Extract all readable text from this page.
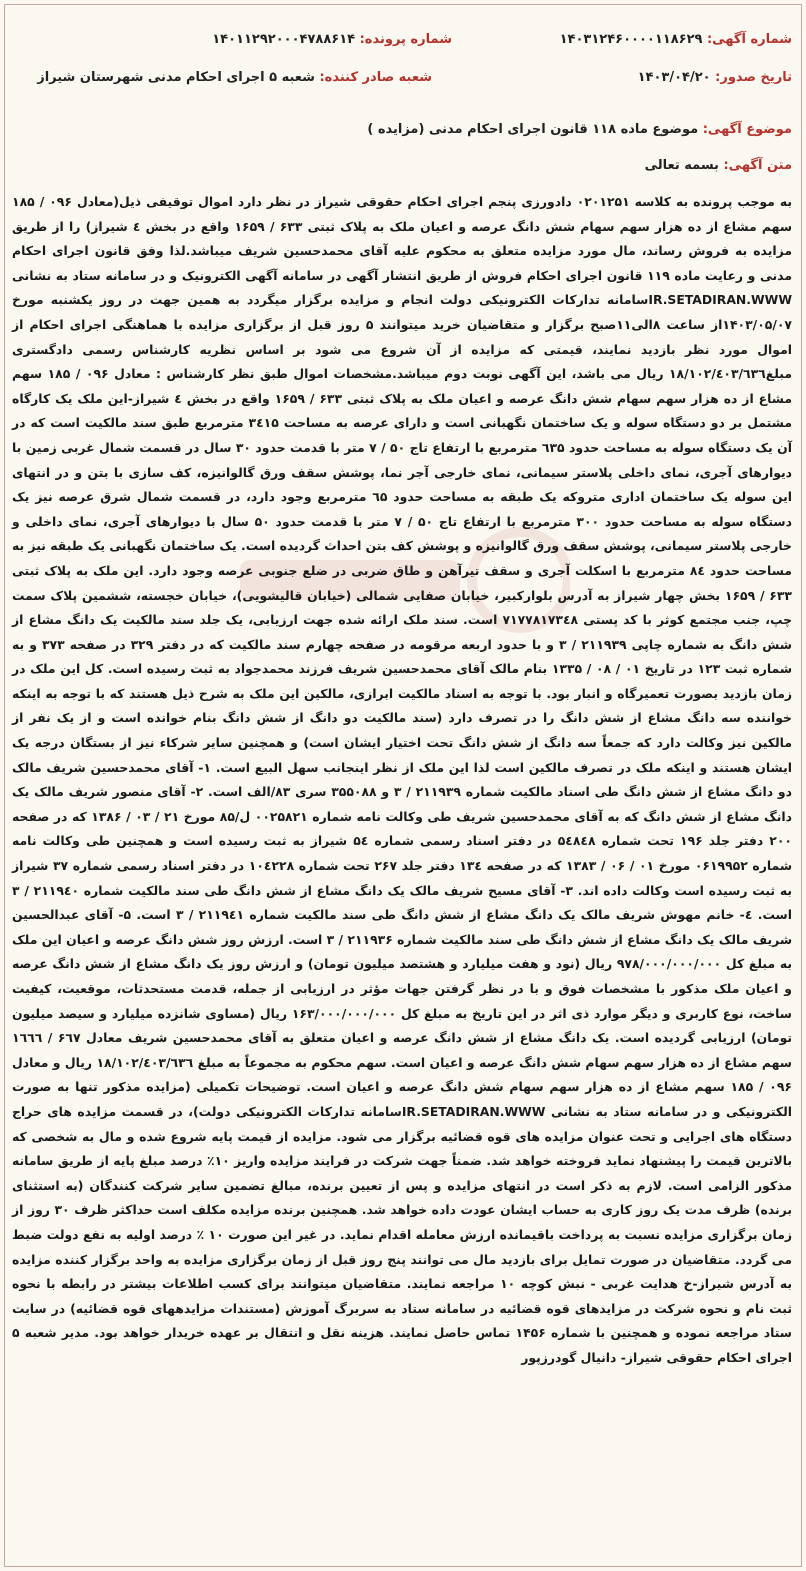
شماره آگهی: ۱۴۰۳۱۲۴۶۰۰۰۰۱۱۸۶۲۹
شماره پرونده: ۱۴۰۱۱۲۹۲۰۰۰۴۷۸۸۶۱۴
تاریخ صدور: ۱۴۰۳/۰۴/۲۰
شعبه صادر کننده: شعبه ۵ اجرای احکام مدنی شهرستان شیراز
موضوع آگهی: موضوع ماده ۱۱۸ قانون اجرای احکام مدنی (مزایده )
متن آگهی: بسمه تعالی
به موجب پرونده به کلاسه ۰۲۰۱۲۵۱ دادورزی پنجم اجرای احکام حقوقی شیراز در نظر دارد اموال توقیفی ذیل(معادل ۰۹۶ / ۱۸۵ سهم مشاع از ده هزار سهم سهام شش دانگ عرصه و اعیان ملک به پلاک ثبتی ۶۳۳ / ۱۶۵۹ واقع در بخش ٤ شیراز) را از طریق مزایده به فروش رساند، مال مورد مزایده متعلق به محکوم علیه آقای محمدحسین شریف میباشد.لذا وفق قانون اجرای احکام مدنی و رعایت ماده ۱۱۹ قانون اجرای احکام فروش از طریق انتشار آگهی در سامانه آگهی الکترونیک و در سامانه ستاد به نشانی IR.SETADIRAN.WWWسامانه تدارکات الکترونیکی دولت انجام و مزایده برگزار میگردد به همین جهت در روز یکشنبه مورخ ۱۴۰۳/۰۵/۰۷از ساعت ۸الی۱۱صبح برگزار و متقاضیان خرید میتوانند ۵ روز قبل از برگزاری مزایده با هماهنگی اجرای احکام از اموال مورد نظر بازدید نمایند، قیمتی که مزایده از آن شروع می شود بر اساس نظریه کارشناس رسمی دادگستری مبلغ۱۸/۱۰۲/٤۰۳/٦۳٦ ریال می باشد، این آگهی نوبت دوم میباشد.مشخصات اموال طبق نظر کارشناس : معادل ۰۹۶ / ۱۸۵ سهم مشاع از ده هزار سهم سهام شش دانگ عرصه و اعیان ملک به پلاک ثبتی ۶۳۳ / ۱۶۵۹ واقع در بخش ٤ شیراز-این ملک یک کارگاه مشتمل بر دو دستگاه سوله و یک ساختمان نگهبانی است و دارای عرصه به مساحت ۳٤۱۵ مترمربع طبق سند مالکیت است که در آن یک دستگاه سوله به مساحت حدود ٦۳۵ مترمربع با ارتفاع تاج ۵۰ / ۷ متر با قدمت حدود ۳۰ سال در قسمت شمال غربی زمین با دیوارهای آجری، نمای داخلی پلاستر سیمانی، نمای خارجی آجر نما، پوشش سقف ورق گالوانیزه، کف سازی با بتن و در انتهای این سوله یک ساختمان اداری متروکه یک طبقه به مساحت حدود ٦۵ مترمربع وجود دارد، در قسمت شمال شرق عرصه نیز یک دستگاه سوله به مساحت حدود ۳۰۰ مترمربع با ارتفاع تاج ۵۰ / ۷ متر با قدمت حدود ۵۰ سال با دیوارهای آجری، نمای داخلی و خارجی پلاستر سیمانی، پوشش سقف ورق گالوانیزه و پوشش کف بتن احداث گردیده است. یک ساختمان نگهبانی یک طبقه نیز به مساحت حدود ۸٤ مترمربع با اسکلت آجری و سقف تیرآهن و طاق ضربی در ضلع جنوبی عرصه وجود دارد. این ملک به پلاک ثبتی ۶۳۳ / ۱۶۵۹ بخش چهار شیراز به آدرس بلوارکبیر، خیابان صفایی شمالی (خیابان قالیشویی)، خیابان خجسته، ششمین پلاک سمت چپ، جنب مجتمع کوثر با کد پستی ۷۱۷۷۸۱۷۳٤۸ است. سند ملک ارائه شده جهت ارزیابی، یک جلد سند مالکیت یک دانگ مشاع از شش دانگ به شماره چاپی ۲۱۱۹۳۹ / ۳ و با حدود اربعه مرقومه در صفحه چهارم سند مالکیت که در دفتر ۳۲۹ در صفحه ۳۷۳ و به شماره ثبت ۱۲۳ در تاریخ ۰۱ / ۰۸ / ۱۳۳۵ بنام مالک آقای محمدحسین شریف فرزند محمدجواد به ثبت رسیده است. کل این ملک در زمان بازدید بصورت تعمیرگاه و انبار بود. با توجه به اسناد مالکیت ابرازی، مالکین این ملک به شرح ذیل هستند که با توجه به اینکه خواننده سه دانگ مشاع از شش دانگ را در تصرف دارد (سند مالکیت دو دانگ از شش دانگ بنام خوانده است و از یک نفر از مالکین نیز وکالت دارد که جمعاً سه دانگ از شش دانگ تحت اختیار ایشان است) و همچنین سایر شرکاء نیز از بستگان درجه یک ایشان هستند و اینکه ملک در تصرف مالکین است لذا این ملک از نظر اینجانب سهل البیع است. ۱- آقای محمدحسین شریف مالک دو دانگ مشاع از شش دانگ طی اسناد مالکیت شماره ۲۱۱۹۳۹ / ۳ و ۳۵۵۰۸۸ سری ۸۳/الف است. ۲- آقای منصور شریف مالک یک دانگ مشاع از شش دانگ که به آقای محمدحسین شریف طی وکالت نامه شماره ۰۰۲۵۸۲۱ ل/۸۵ مورخ ۲۱ / ۰۳ / ۱۳۸۶ که در صفحه ۲۰۰ دفتر جلد ۱۹۶ تحت شماره ۵٤۸٤۸ در دفتر اسناد رسمی شماره ۵٤ شیراز به ثبت رسیده است و همچنین طی وکالت نامه شماره ۰۶۱۹۹۵۲ مورخ ۰۱ / ۰۶ / ۱۳۸۳ که در صفحه ۱۳٤ دفتر جلد ۲۶۷ تحت شماره ۱۰٤۲۲۸ در دفتر اسناد رسمی شماره ۳۷ شیراز به ثبت رسیده است وکالت داده اند. ۳- آقای مسیح شریف مالک یک دانگ مشاع از شش دانگ طی سند مالکیت شماره ۲۱۱۹٤۰ / ۳ است. ٤- خانم مهوش شریف مالک یک دانگ مشاع از شش دانگ طی سند مالکیت شماره ۲۱۱۹٤۱ / ۳ است. ۵- آقای عبدالحسین شریف مالک یک دانگ مشاع از شش دانگ طی سند مالکیت شماره ۲۱۱۹۳۶ / ۳ است. ارزش روز شش دانگ عرصه و اعیان این ملک به مبلغ کل ۹۷۸/۰۰۰/۰۰۰/۰۰۰ ریال (نود و هفت میلیارد و هشتصد میلیون تومان) و ارزش روز یک دانگ مشاع از شش دانگ عرصه و اعیان ملک مذکور با مشخصات فوق و با در نظر گرفتن جهات مؤثر در ارزیابی از جمله، قدمت مستحدثات، موقعیت، کیفیت ساخت، نوع کاربری و دیگر موارد ذی اثر در این تاریخ به مبلغ کل ۱۶۳/۰۰۰/۰۰۰/۰۰۰ ریال (مساوی شانزده میلیارد و سیصد میلیون تومان) ارزیابی گردیده است. یک دانگ مشاع از شش دانگ عرصه و اعیان متعلق به آقای محمدحسین شریف معادل ۶٦۷ / ۱٦٦٦ سهم مشاع از ده هزار سهم سهام شش دانگ عرصه و اعیان است. سهم محکوم به مجموعاً به مبلغ ۱۸/۱۰۲/٤۰۳/٦۳٦ ریال و معادل ۰۹۶ / ۱۸۵ سهم مشاع از ده هزار سهم سهام شش دانگ عرصه و اعیان است. توضیحات تکمیلی (مزایده مذکور تنها به صورت الکترونیکی و در سامانه ستاد به نشانی IR.SETADIRAN.WWWسامانه تدارکات الکترونیکی دولت)، در قسمت مزایده های حراج دستگاه های اجرایی و تحت عنوان مزایده های قوه قضائیه برگزار می شود. مزایده از قیمت پایه شروع شده و مال به شخصی که بالاترین قیمت را پیشنهاد نماید فروخته خواهد شد. ضمناً جهت شرکت در فرایند مزایده واریز ۱۰٪ درصد مبلغ پایه از طریق سامانه مذکور الزامی است. لازم به ذکر است در انتهای مزایده و پس از تعیین برنده، مبالغ تضمین سایر شرکت کنندگان (به استثنای برنده) ظرف مدت یک روز کاری به حساب ایشان عودت داده خواهد شد. همچنین برنده مزایده مکلف است حداکثر ظرف ۳۰ روز از زمان برگزاری مزایده نسبت به پرداخت باقیمانده ارزش معامله اقدام نماید. در غیر این صورت ۱۰ ٪ درصد اولیه به نفع دولت ضبط می گردد. متقاضیان در صورت تمایل برای بازدید مال می توانند پنج روز قبل از زمان برگزاری مزایده به واحد برگزار کننده مزایده به آدرس شیراز-خ هدایت غربی - نبش کوچه ۱۰ مراجعه نمایند. متقاضیان میتوانند برای کسب اطلاعات بیشتر در رابطه با نحوه ثبت نام و نحوه شرکت در مزایدهای قوه قضائیه در سامانه ستاد به سربرگ آموزش (مستندات مزایدههای قوه قضائیه) در سایت ستاد مراجعه نموده و همچنین با شماره ۱۴۵۶ تماس حاصل نمایند. هزینه نقل و انتقال بر عهده خریدار خواهد بود. مدیر شعبه ۵ اجرای احکام حقوقی شیراز- دانیال گودرزپور
